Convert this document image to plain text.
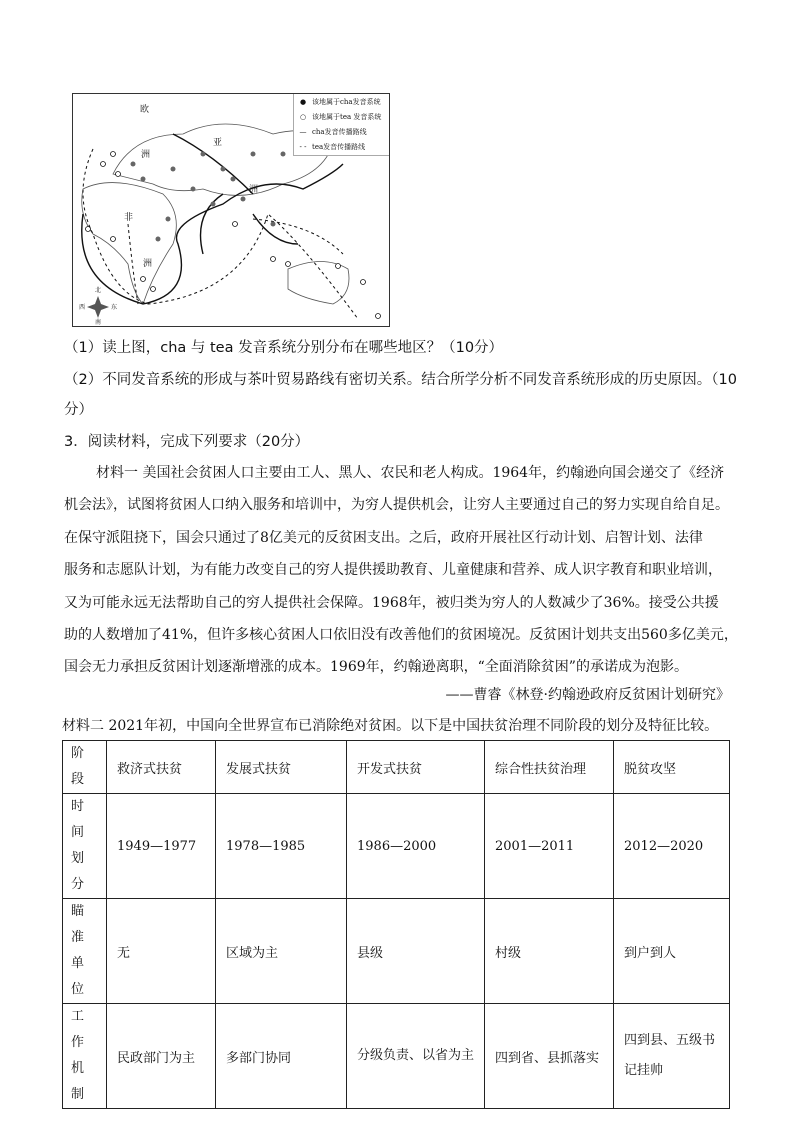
欧
洲
亚
洲
非
洲
北
南
东
西
● 该地属于cha发音系统
○ 该地属于tea 发音系统
— cha发音传播路线
- - tea发音传播路线
（1）读上图，cha 与 tea 发音系统分别分布在哪些地区？（10分）
（2）不同发音系统的形成与茶叶贸易路线有密切关系。结合所学分析不同发音系统形成的历史原因。（10
分）
3．阅读材料，完成下列要求（20分）
材料一 美国社会贫困人口主要由工人、黑人、农民和老人构成。1964年，约翰逊向国会递交了《经济
机会法》，试图将贫困人口纳入服务和培训中，为穷人提供机会，让穷人主要通过自己的努力实现自给自足。
在保守派阻挠下，国会只通过了8亿美元的反贫困支出。之后，政府开展社区行动计划、启智计划、法律
服务和志愿队计划，为有能力改变自己的穷人提供援助教育、儿童健康和营养、成人识字教育和职业培训，
又为可能永远无法帮助自己的穷人提供社会保障。1968年，被归类为穷人的人数减少了36%。接受公共援
助的人数增加了41%，但许多核心贫困人口依旧没有改善他们的贫困境况。反贫困计划共支出560多亿美元，
国会无力承担反贫困计划逐渐增涨的成本。1969年，约翰逊离职，“全面消除贫困”的承诺成为泡影。
——曹睿《林登·约翰逊政府反贫困计划研究》
材料二 2021年初，中国向全世界宣布已消除绝对贫困。以下是中国扶贫治理不同阶段的划分及特征比较。
阶段	救济式扶贫	发展式扶贫	开发式扶贫	综合性扶贫治理	脱贫攻坚
时间划分	1949—1977	1978—1985	1986—2000	2001—2011	2012—2020
瞄准单位	无	区域为主	县级	村级	到户到人
工作机制	民政部门为主	多部门协同	分级负责、以省为主	四到省、县抓落实	四到县、五级书记挂帅
